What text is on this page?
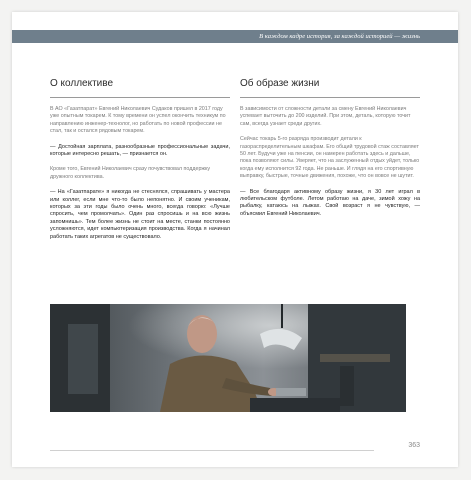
В каждом кадре история, за каждой историей — жизнь
О коллективе

В АО «Газатпарат» Евгений Николаевич Судаков пришел в 2017 году уже опытным токарем. К тому времени он успел окончить техникум по направлению инженер-технолог, но работать по новой профессии не стал, так и остался рядовым токарем.

— Достойная зарплата, разнообразные профессиональные задачи, которые интересно решать, — признается он.

Кроме того, Евгений Николаевич сразу почувствовал поддержку дружного коллектива.

— На «Газатпарате» я никогда не стеснялся, спрашивать у мастера или коллег, если мне что-то было непонятно. И своим ученикам, которых за эти годы было очень много, всегда говорю: «Лучше спросить, чем промолчать». Один раз спросишь и на всю жизнь запомнишь». Тем более жизнь не стоит на месте, станки постоянно усложняются, идет компьютеризация производства. Когда я начинал работать таких агрегатов не существовало.

Об образе жизни

В зависимости от сложности детали за смену Евгений Николаевич успевает выточить до 200 изделий. При этом, деталь, которую точит сам, всегда узнает среди других.

Сейчас токарь 5-го разряда производит детали к газораспределительным шкафам. Его общий трудовой стаж составляет 50 лет. Будучи уже на пенсии, он намерен работать здесь и дальше, пока позволяют силы. Уверяет, что на заслуженный отдых уйдет, только когда ему исполнится 92 года. Не раньше. И глядя на его спортивную выправку, быстрые, точные движения, похоже, что он вовсе не шутит.

— Все благодаря активному образу жизни, я 30 лет играл в любительском футболе. Летом работаю на даче, зимой хожу на рыбалку, катаюсь на лыжах. Свой возраст я не чувствую, — объясмил Евгений Николаевич.

363
